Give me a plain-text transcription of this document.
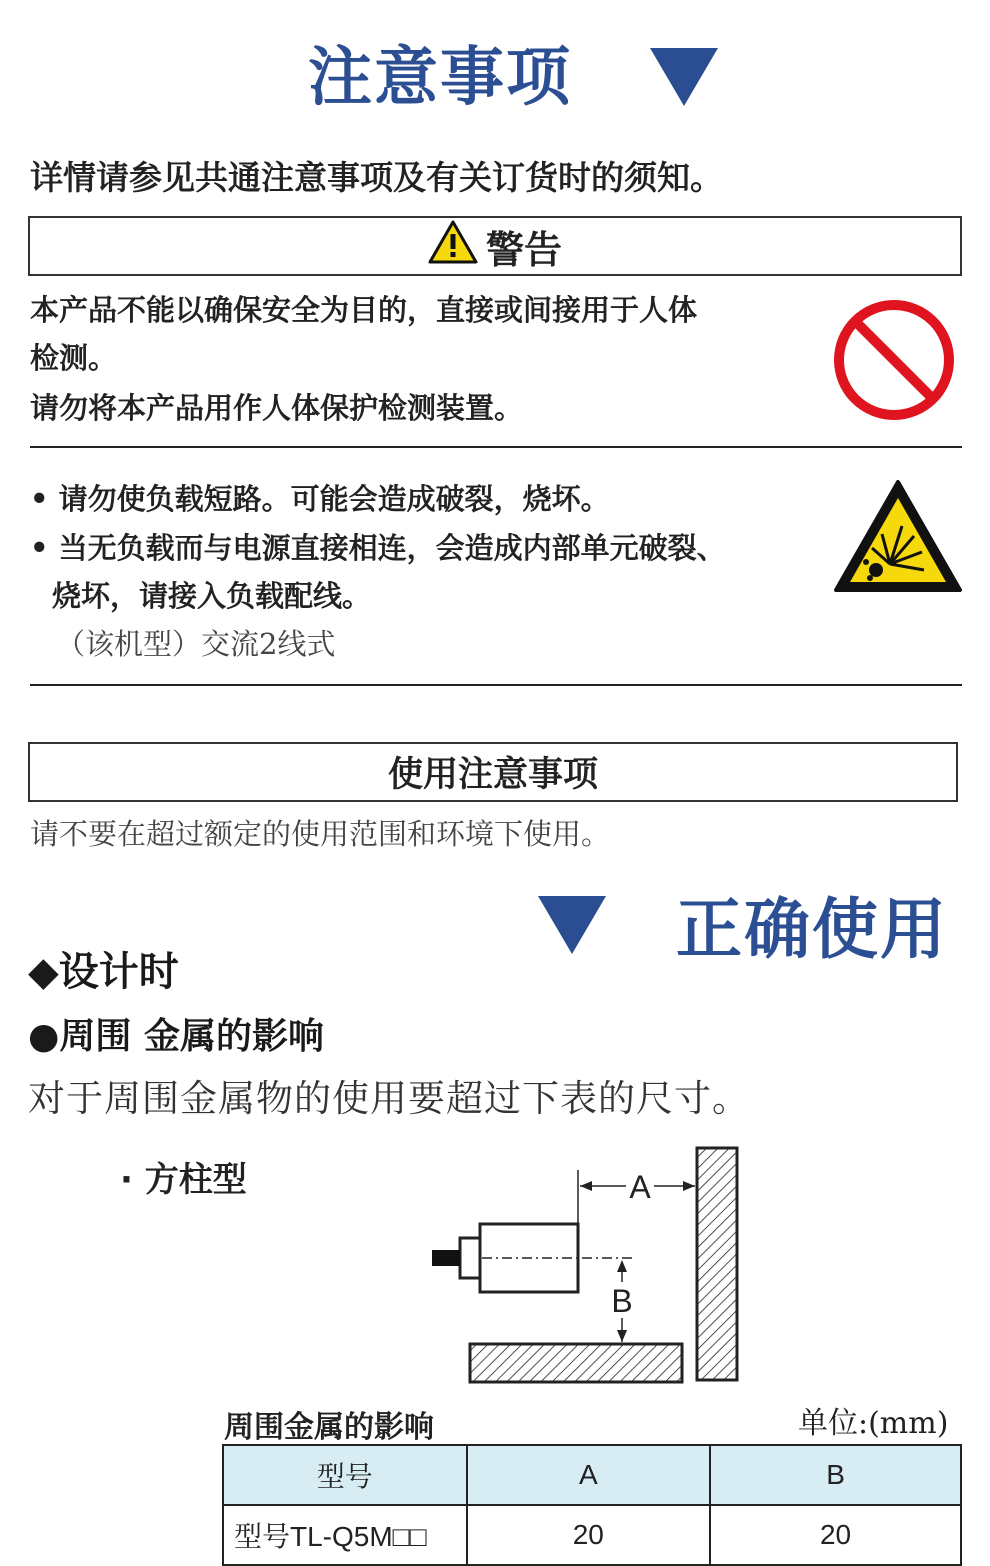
注意事项
详情请参见共通注意事项及有关订货时的须知。
警告
本产品不能以确保安全为目的，直接或间接用于人体
检测。
请勿将本产品用作人体保护检测装置。
• 请勿使负载短路。可能会造成破裂，烧坏。
• 当无负载而与电源直接相连，会造成内部单元破裂、
烧坏，请接入负载配线。
（该机型）交流2线式
使用注意事项
请不要在超过额定的使用范围和环境下使用。
正确使用
◆设计时
●周围 金属的影响
对于周围金属物的使用要超过下表的尺寸。
· 方柱型	A
B
周围金属的影响	单位:(mm)
型号	A	B
型号TL-Q5M□□	20	20
